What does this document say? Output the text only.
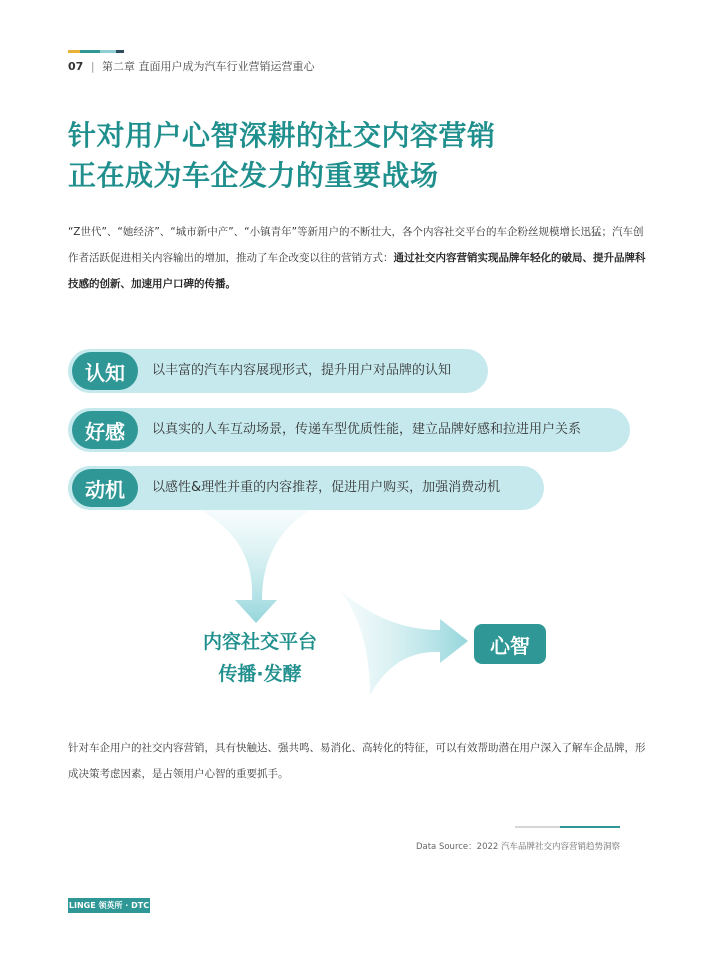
07 | 第二章 直面用户成为汽车行业营销运营重心
针对用户心智深耕的社交内容营销
正在成为车企发力的重要战场
“Z世代”、“她经济”、“城市新中产”、“小镇青年”等新用户的不断壮大，各个内容社交平台的车企粉丝规模增长迅猛；汽车创作者活跃促进相关内容输出的增加，推动了车企改变以往的营销方式：通过社交内容营销实现品牌年轻化的破局、提升品牌科技感的创新、加速用户口碑的传播。
认知	以丰富的汽车内容展现形式，提升用户对品牌的认知
好感	以真实的人车互动场景，传递车型优质性能，建立品牌好感和拉进用户关系
动机	以感性&理性并重的内容推荐，促进用户购买，加强消费动机
内容社交平台
传播·发酵
心智
针对车企用户的社交内容营销，具有快触达、强共鸣、易消化、高转化的特征，可以有效帮助潜在用户深入了解车企品牌，形成决策考虑因素，是占领用户心智的重要抓手。
Data Source：2022 汽车品牌社交内容营销趋势洞察
LINGE 领英所 · DTC
